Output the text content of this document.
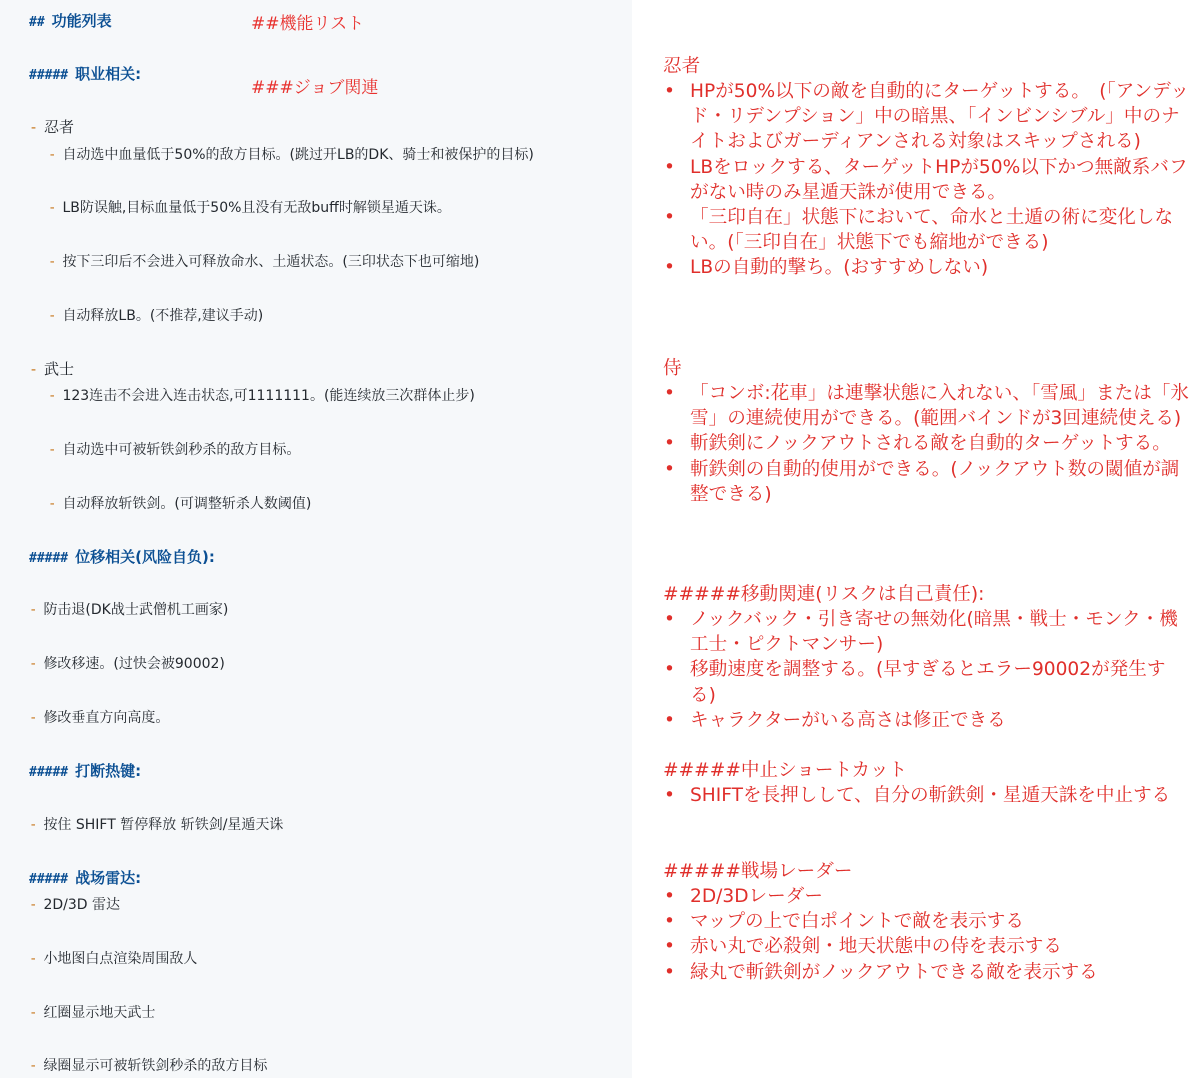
## 功能列表	##機能リスト
##### 职业相关:
###ジョブ関連
- 忍者
- 自动选中血量低于50%的敌方目标。(跳过开LB的DK、骑士和被保护的目标)
- LB防误触,目标血量低于50%且没有无敌buff时解锁星遁天诛。
- 按下三印后不会进入可释放命水、土遁状态。(三印状态下也可缩地)
- 自动释放LB。(不推荐,建议手动)
- 武士
- 123连击不会进入连击状态,可1111111。(能连续放三次群体止步)
- 自动选中可被斩铁剑秒杀的敌方目标。
- 自动释放斩铁剑。(可调整斩杀人数阈值)
##### 位移相关(风险自负):
- 防击退(DK战士武僧机工画家)
- 修改移速。(过快会被90002)
- 修改垂直方向高度。
##### 打断热键:
- 按住 SHIFT 暂停释放 斩铁剑/星遁天诛
##### 战场雷达:
- 2D/3D 雷达
- 小地图白点渲染周围敌人
- 红圈显示地天武士
- 绿圈显示可被斩铁剑秒杀的敌方目标
忍者
• HPが50%以下の敵を自動的にターゲットする。　(「アンデッド・リデンプション」中の暗黒、「インビンシブル」中のナイトおよびガーディアンされる対象はスキップされる)
• LBをロックする、ターゲットHPが50%以下かつ無敵系バフがない時のみ星遁天誅が使用できる。
• 「三印自在」状態下において、命水と土遁の術に変化しない。(「三印自在」状態下でも縮地ができる)
• LBの自動的撃ち。(おすすめしない)
侍
• 「コンボ:花車」は連撃状態に入れない、「雪風」または「氷雪」の連続使用ができる。(範囲バインドが3回連続使える)
• 斬鉄剣にノックアウトされる敵を自動的ターゲットする。
• 斬鉄剣の自動的使用ができる。(ノックアウト数の閾値が調整できる)
#####移動関連(リスクは自己責任):
• ノックバック・引き寄せの無効化(暗黒・戦士・モンク・機工士・ピクトマンサー)
• 移動速度を調整する。(早すぎるとエラー90002が発生する)
• キャラクターがいる高さは修正できる
#####中止ショートカット
• SHIFTを長押しして、自分の斬鉄剣・星遁天誅を中止する
#####戦場レーダー
• 2D/3Dレーダー
• マップの上で白ポイントで敵を表示する
• 赤い丸で必殺剣・地天状態中の侍を表示する
• 緑丸で斬鉄剣がノックアウトできる敵を表示する
